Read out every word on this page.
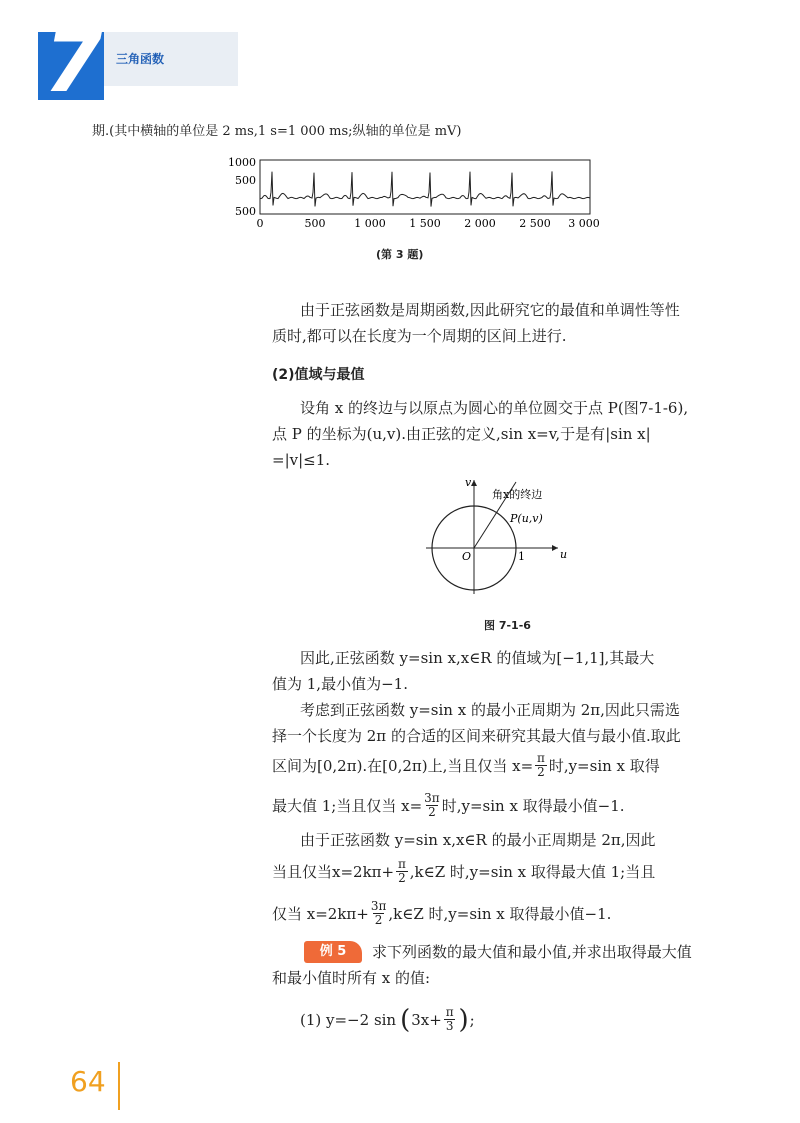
7 三角函数
期.(其中横轴的单位是 2 ms,1 s=1 000 ms;纵轴的单位是 mV)
1000
500
500
0	500	1 000 1 500 2 000 2 500 3 000
(第 3 题)
由于正弦函数是周期函数,因此研究它的最值和单调性等性
质时,都可以在长度为一个周期的区间上进行.
(2)值域与最值
设角 x 的终边与以原点为圆心的单位圆交于点 P(图7-1-6),
点 P 的坐标为(u,v).由正弦的定义,sin x=v,于是有|sin x|
=|v|≤1.
v
u
角x的终边
P(u,v)
O	1
图 7-1-6
因此,正弦函数 y=sin x,x∈R 的值域为[−1,1],其最大
值为 1,最小值为−1.
考虑到正弦函数 y=sin x 的最小正周期为 2π,因此只需选
择一个长度为 2π 的合适的区间来研究其最大值与最小值.取此
区间为[0,2π).在[0,2π)上,当且仅当 $x= \frac{\pi}{2}$ 时,y=sin x 取得
最大值 1;当且仅当 $x= \frac{3\pi}{2}$ 时,y=sin x 取得最小值−1.
由于正弦函数 y=sin x,x∈R 的最小正周期是 2π,因此
当且仅当$x=2k\pi+ \frac{\pi}{2}$ ,k∈Z 时,y=sin x 取得最大值 1;当且
仅当 $x=2k\pi+ \frac{3\pi}{2}$ ,k∈Z 时,y=sin x 取得最小值−1.
例 5	求下列函数的最大值和最小值,并求出取得最大值
和最小值时所有 x 的值:
(1) y=−2 sin ( $3x+ \frac{\pi}{3}$ ) ;
64
